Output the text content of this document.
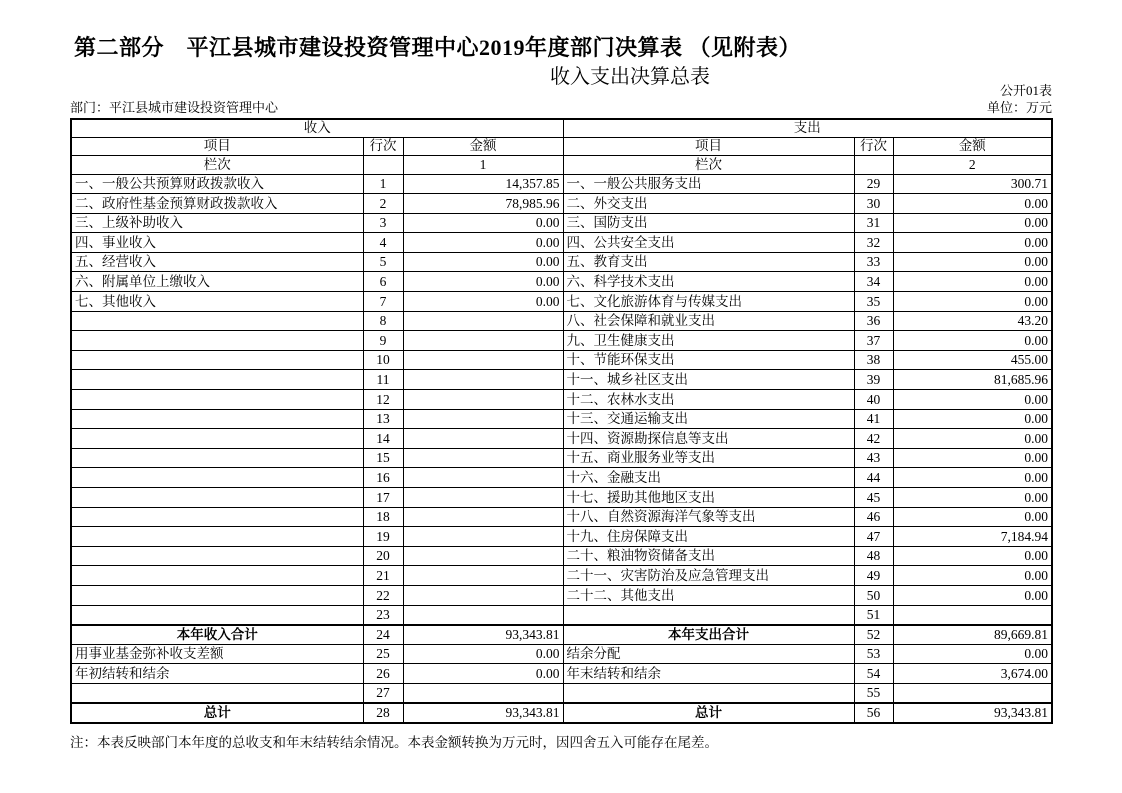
第二部分　平江县城市建设投资管理中心2019年度部门决算表 （见附表）
收入支出决算总表
公开01表
部门：平江县城市建设投资管理中心	单位：万元
收入			支出		
项目	行次	金额	项目	行次	金额
栏次		1	栏次		2
一、一般公共预算财政拨款收入	1	14,357.85	一、一般公共服务支出	29	300.71
二、政府性基金预算财政拨款收入	2	78,985.96	二、外交支出	30	0.00
三、上级补助收入	3	0.00	三、国防支出	31	0.00
四、事业收入	4	0.00	四、公共安全支出	32	0.00
五、经营收入	5	0.00	五、教育支出	33	0.00
六、附属单位上缴收入	6	0.00	六、科学技术支出	34	0.00
七、其他收入	7	0.00	七、文化旅游体育与传媒支出	35	0.00
	8		八、社会保障和就业支出	36	43.20
	9		九、卫生健康支出	37	0.00
	10		十、节能环保支出	38	455.00
	11		十一、城乡社区支出	39	81,685.96
	12		十二、农林水支出	40	0.00
	13		十三、交通运输支出	41	0.00
	14		十四、资源勘探信息等支出	42	0.00
	15		十五、商业服务业等支出	43	0.00
	16		十六、金融支出	44	0.00
	17		十七、援助其他地区支出	45	0.00
	18		十八、自然资源海洋气象等支出	46	0.00
	19		十九、住房保障支出	47	7,184.94
	20		二十、粮油物资储备支出	48	0.00
	21		二十一、灾害防治及应急管理支出	49	0.00
	22		二十二、其他支出	50	0.00
	23			51	
本年收入合计	24	93,343.81	本年支出合计	52	89,669.81
用事业基金弥补收支差额	25	0.00	结余分配	53	0.00
年初结转和结余	26	0.00	年末结转和结余	54	3,674.00
	27			55	
总计	28	93,343.81	总计	56	93,343.81
注：本表反映部门本年度的总收支和年末结转结余情况。本表金额转换为万元时，因四舍五入可能存在尾差。
